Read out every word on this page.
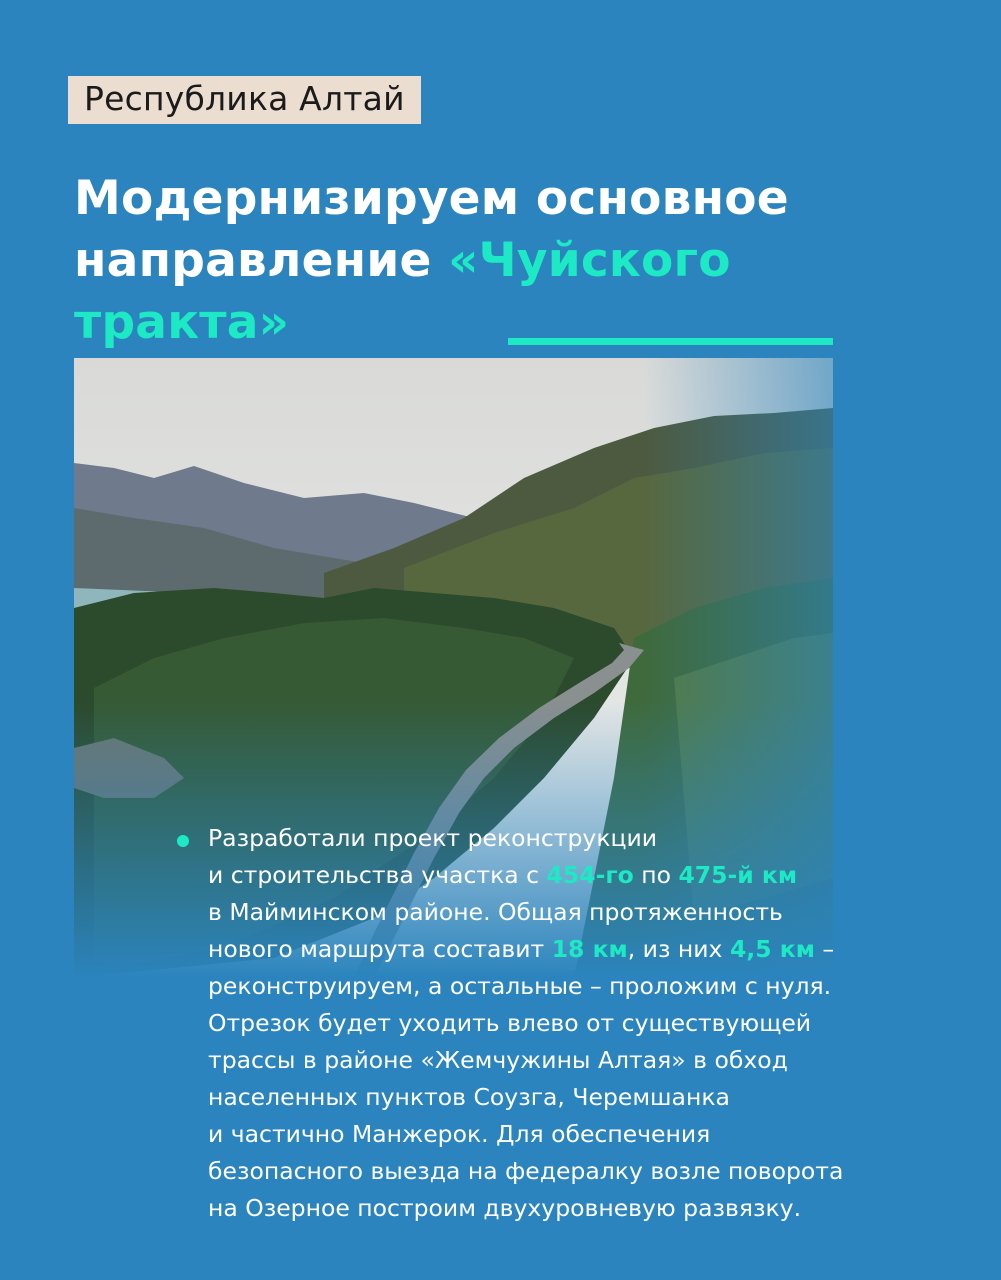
Республика Алтай
Модернизируем основное
направление «Чуйского тракта»
Разработали проект реконструкции
и строительства участка с 454-го по 475-й км
в Майминском районе. Общая протяженность
нового маршрута составит 18 км, из них 4,5 км –
реконструируем, а остальные – проложим с нуля.
Отрезок будет уходить влево от существующей
трассы в районе «Жемчужины Алтая» в обход
населенных пунктов Соузга, Черемшанка
и частично Манжерок. Для обеспечения
безопасного выезда на федералку возле поворота
на Озерное построим двухуровневую развязку.
